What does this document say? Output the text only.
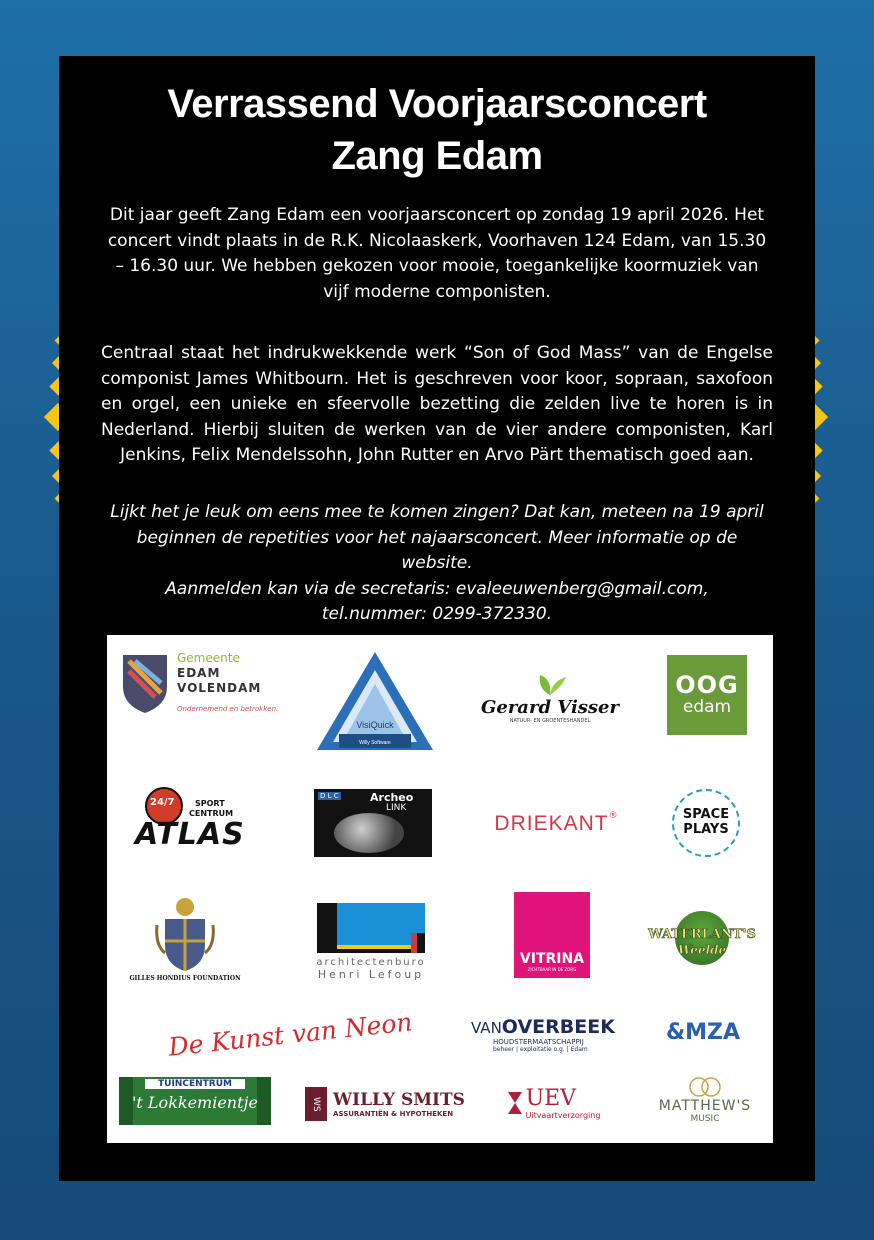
Verrassend Voorjaarsconcert
Zang Edam
Dit jaar geeft Zang Edam een voorjaarsconcert op zondag 19 april 2026. Het concert vindt plaats in de R.K. Nicolaaskerk, Voorhaven 124 Edam, van 15.30 – 16.30 uur. We hebben gekozen voor mooie, toegankelijke koormuziek van vijf moderne componisten.
Centraal staat het indrukwekkende werk “Son of God Mass” van de Engelse componist James Whitbourn. Het is geschreven voor koor, sopraan, saxofoon en orgel, een unieke en sfeervolle bezetting die zelden live te horen is in Nederland. Hierbij sluiten de werken van de vier andere componisten, Karl Jenkins, Felix Mendelssohn, John Rutter en Arvo Pärt thematisch goed aan.
Lijkt het je leuk om eens mee te komen zingen? Dat kan, meteen na 19 april beginnen de repetities voor het najaarsconcert. Meer informatie op de website.
Aanmelden kan via de secretaris: evaleeuwenberg@gmail.com,
tel.nummer: 0299-372330.
Gemeente
EDAM
VOLENDAM
Ondernemend en betrokken.
VisiQuick
Willy Software
Gerard Visser
NATUUR- EN GROENTESHANDEL
OOG
edam
24/7	SPORT
CENTRUM
ATLAS
D L C	Archeo
LINK
DRIEKANT ®	SPACE
PLAYS
GILLES HONDIUS FOUNDATION
architectenburo
Henri Lefoup
VITRINA
ZICHTBAAR IN DE ZORG
WATERLANT'S
Weelde
De Kunst van Neon	VANOVERBEEK
HOUDSTERMAATSCHAPPIJ
beheer | exploitatie o.g. | Edam
&MZA
TUINCENTRUM
't Lokkemientje	WS WILLY SMITS
ASSURANTIËN & HYPOTHEKEN
UEV
Uitvaartverzorging
MATTHEW'S
MUSIC
